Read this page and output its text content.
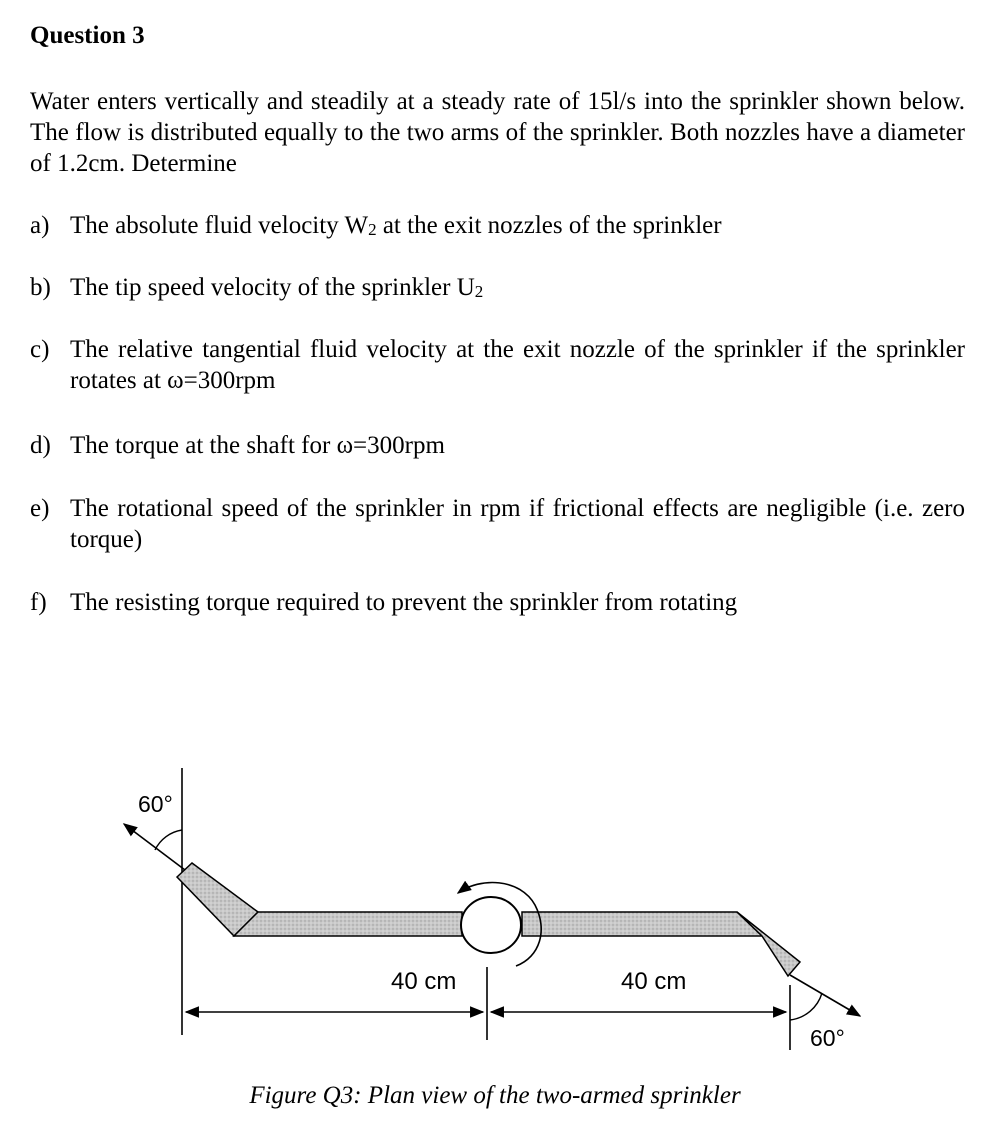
Question 3
Water enters vertically and steadily at a steady rate of 15l/s into the sprinkler shown below. The flow is distributed equally to the two arms of the sprinkler. Both nozzles have a diameter of 1.2cm. Determine
a) The absolute fluid velocity $W_2$ at the exit nozzles of the sprinkler
b) The tip speed velocity of the sprinkler $U_2$
c) The relative tangential fluid velocity at the exit nozzle of the sprinkler if the sprinkler rotates at ω=300rpm
d) The torque at the shaft for ω=300rpm
e) The rotational speed of the sprinkler in rpm if frictional effects are negligible (i.e. zero torque)
f) The resisting torque required to prevent the sprinkler from rotating
60°
60°
40 cm	40 cm
Figure Q3: Plan view of the two-armed sprinkler
